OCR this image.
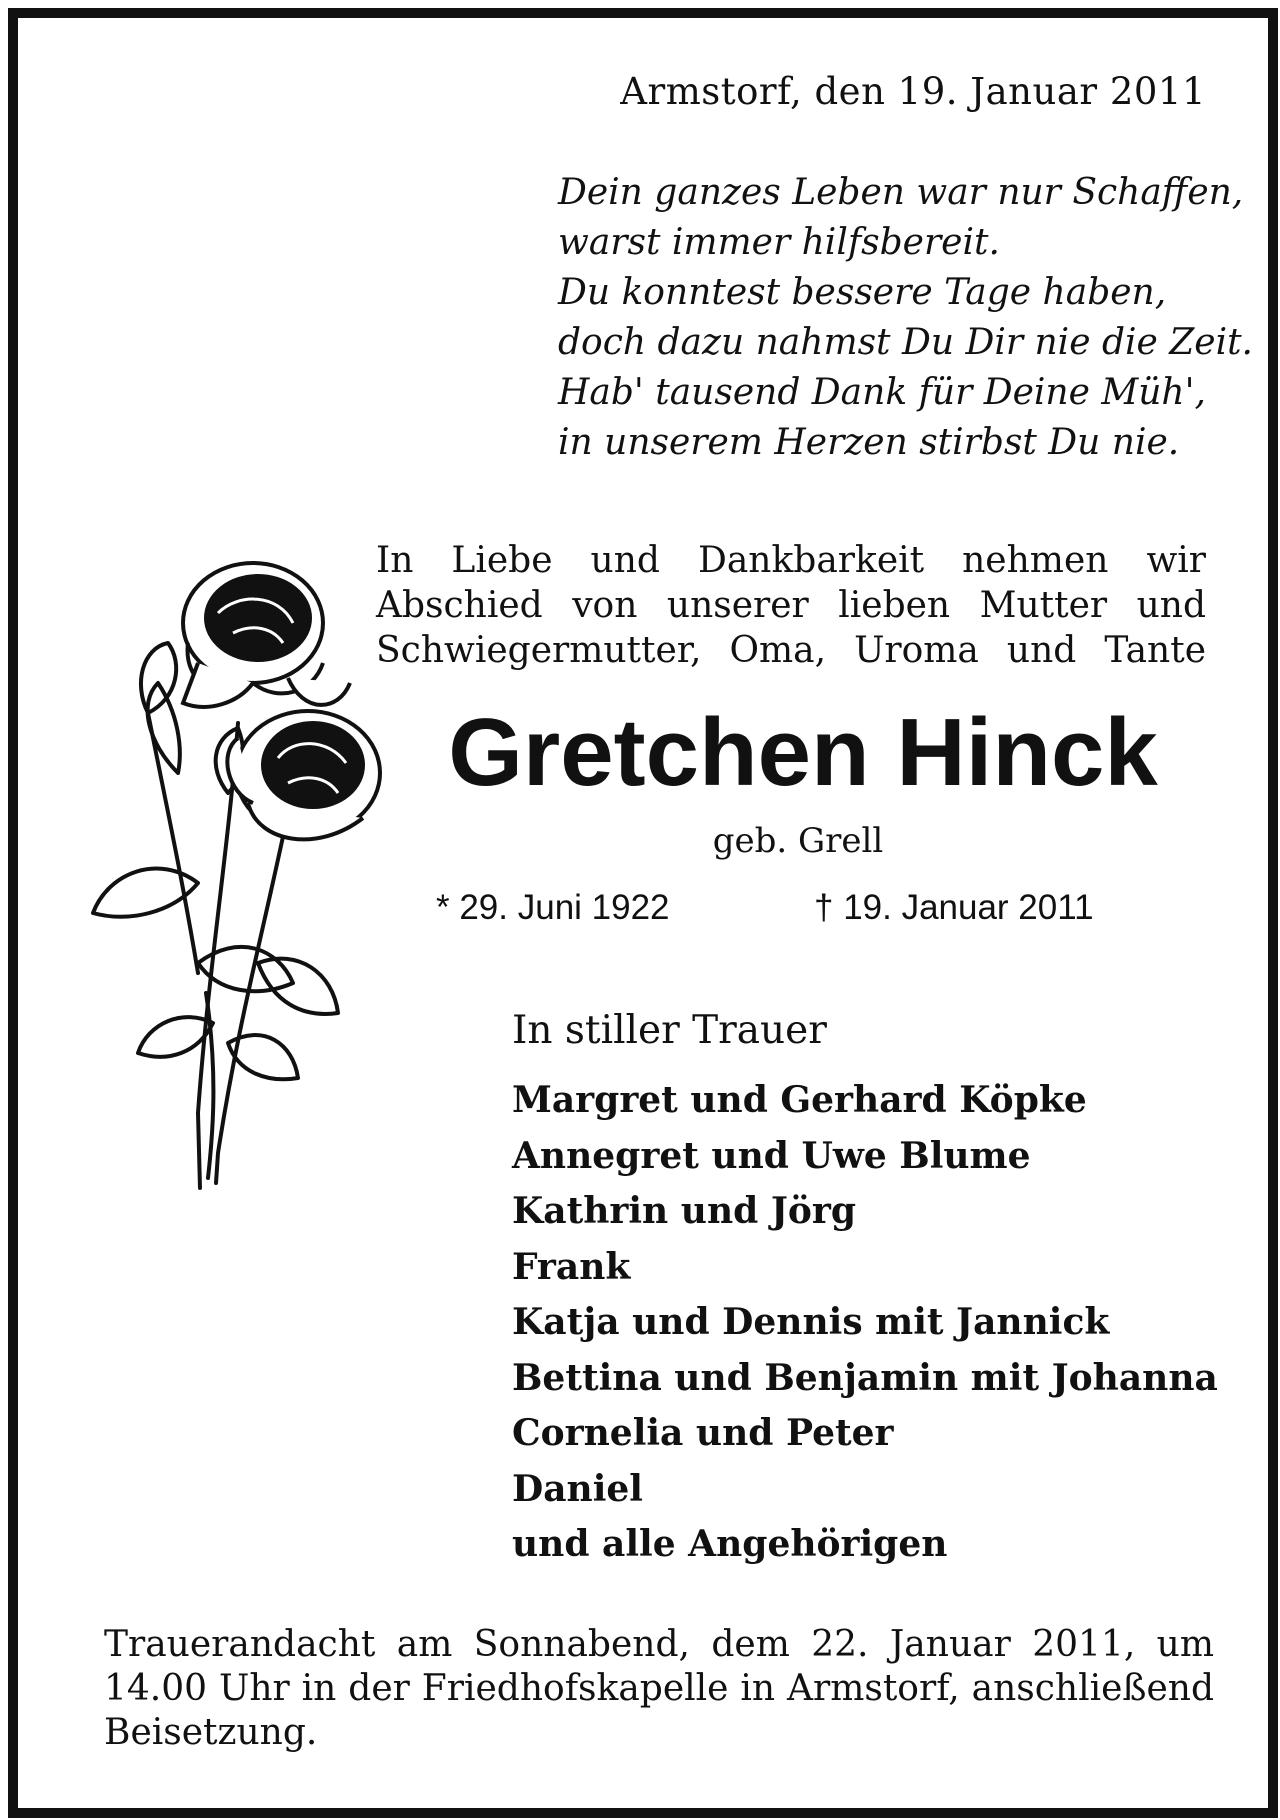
Armstorf, den 19. Januar 2011
Dein ganzes Leben war nur Schaffen,
warst immer hilfsbereit.
Du konntest bessere Tage haben,
doch dazu nahmst Du Dir nie die Zeit.
Hab' tausend Dank für Deine Müh',
in unserem Herzen stirbst Du nie.
In Liebe und Dankbarkeit nehmen wir
Abschied von unserer lieben Mutter und
Schwiegermutter, Oma, Uroma und Tante
Gretchen Hinck
geb. Grell
* 29. Juni 1922	† 19. Januar 2011
In stiller Trauer
Margret und Gerhard Köpke
Annegret und Uwe Blume
Kathrin und Jörg
Frank
Katja und Dennis mit Jannick
Bettina und Benjamin mit Johanna
Cornelia und Peter
Daniel
und alle Angehörigen
Trauerandacht am Sonnabend, dem 22. Januar 2011, um 14.00 Uhr in der Friedhofskapelle in Armstorf, anschließend Beisetzung.
